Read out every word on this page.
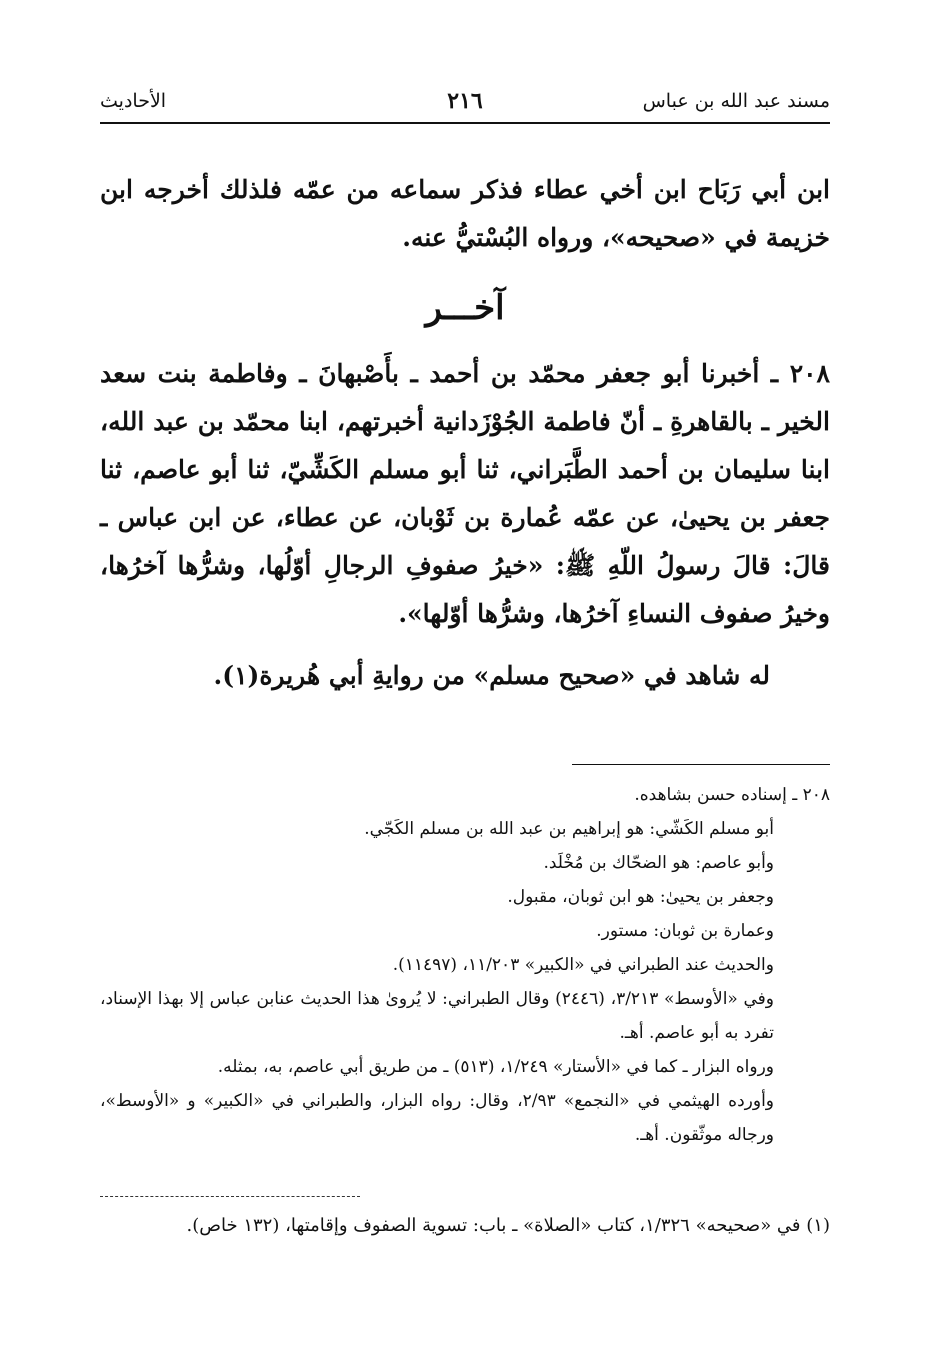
مسند عبد الله بن عباس
٢١٦
الأحاديث

ابن أبي رَبَاح ابن أخي عطاء فذكر سماعه من عمّه فلذلك أخرجه ابن خزيمة في «صحيحه»، ورواه البُسْتيُّ عنه.

آخـــر

٢٠٨ ـ أخبرنا أبو جعفر محمّد بن أحمد ـ بأَصْبهانَ ـ وفاطمة بنت سعد الخير ـ بالقاهرةِ ـ أنّ فاطمة الجُوْزَدانية أخبرتهم، ابنا محمّد بن عبد الله، ابنا سليمان بن أحمد الطَّبَراني، ثنا أبو مسلم الكَشِّيّ، ثنا أبو عاصم، ثنا جعفر بن يحيىٰ، عن عمّه عُمارة بن ثَوْبان، عن عطاء، عن ابن عباس ـ قالَ: قالَ رسولُ اللّهِ ﷺ: «خيرُ صفوفِ الرجالِ أوّلُها، وشرُّها آخرُها، وخيرُ صفوف النساءِ آخرُها، وشرُّها أوّلها».

له شاهد في «صحيح مسلم» من روايةِ أبي هُريرة(١).

٢٠٨ ـ إسناده حسن بشاهده.

أبو مسلم الكَشّي: هو إبراهيم بن عبد الله بن مسلم الكَجّي.

وأبو عاصم: هو الضحّاك بن مُخْلَد.

وجعفر بن يحيىٰ: هو ابن ثوبان، مقبول.

وعمارة بن ثوبان: مستور.

والحديث عند الطبراني في «الكبير» ١١/٢٠٣، (١١٤٩٧).

وفي «الأوسط» ٣/٢١٣، (٢٤٤٦) وقال الطبراني: لا يُروىٰ هذا الحديث عنابن عباس إلا بهذا الإسناد، تفرد به أبو عاصم. أهـ.

ورواه البزار ـ كما في «الأستار» ١/٢٤٩، (٥١٣) ـ من طريق أبي عاصم، به، بمثله.

وأورده الهيثمي في «النجمع» ٢/٩٣، وقال: رواه البزار، والطبراني في «الكبير» و «الأوسط»، ورجاله موثّقون. أهـ.

(١) في «صحيحه» ١/٣٢٦، كتاب «الصلاة» ـ باب: تسوية الصفوف وإقامتها، (١٣٢ خاص).
